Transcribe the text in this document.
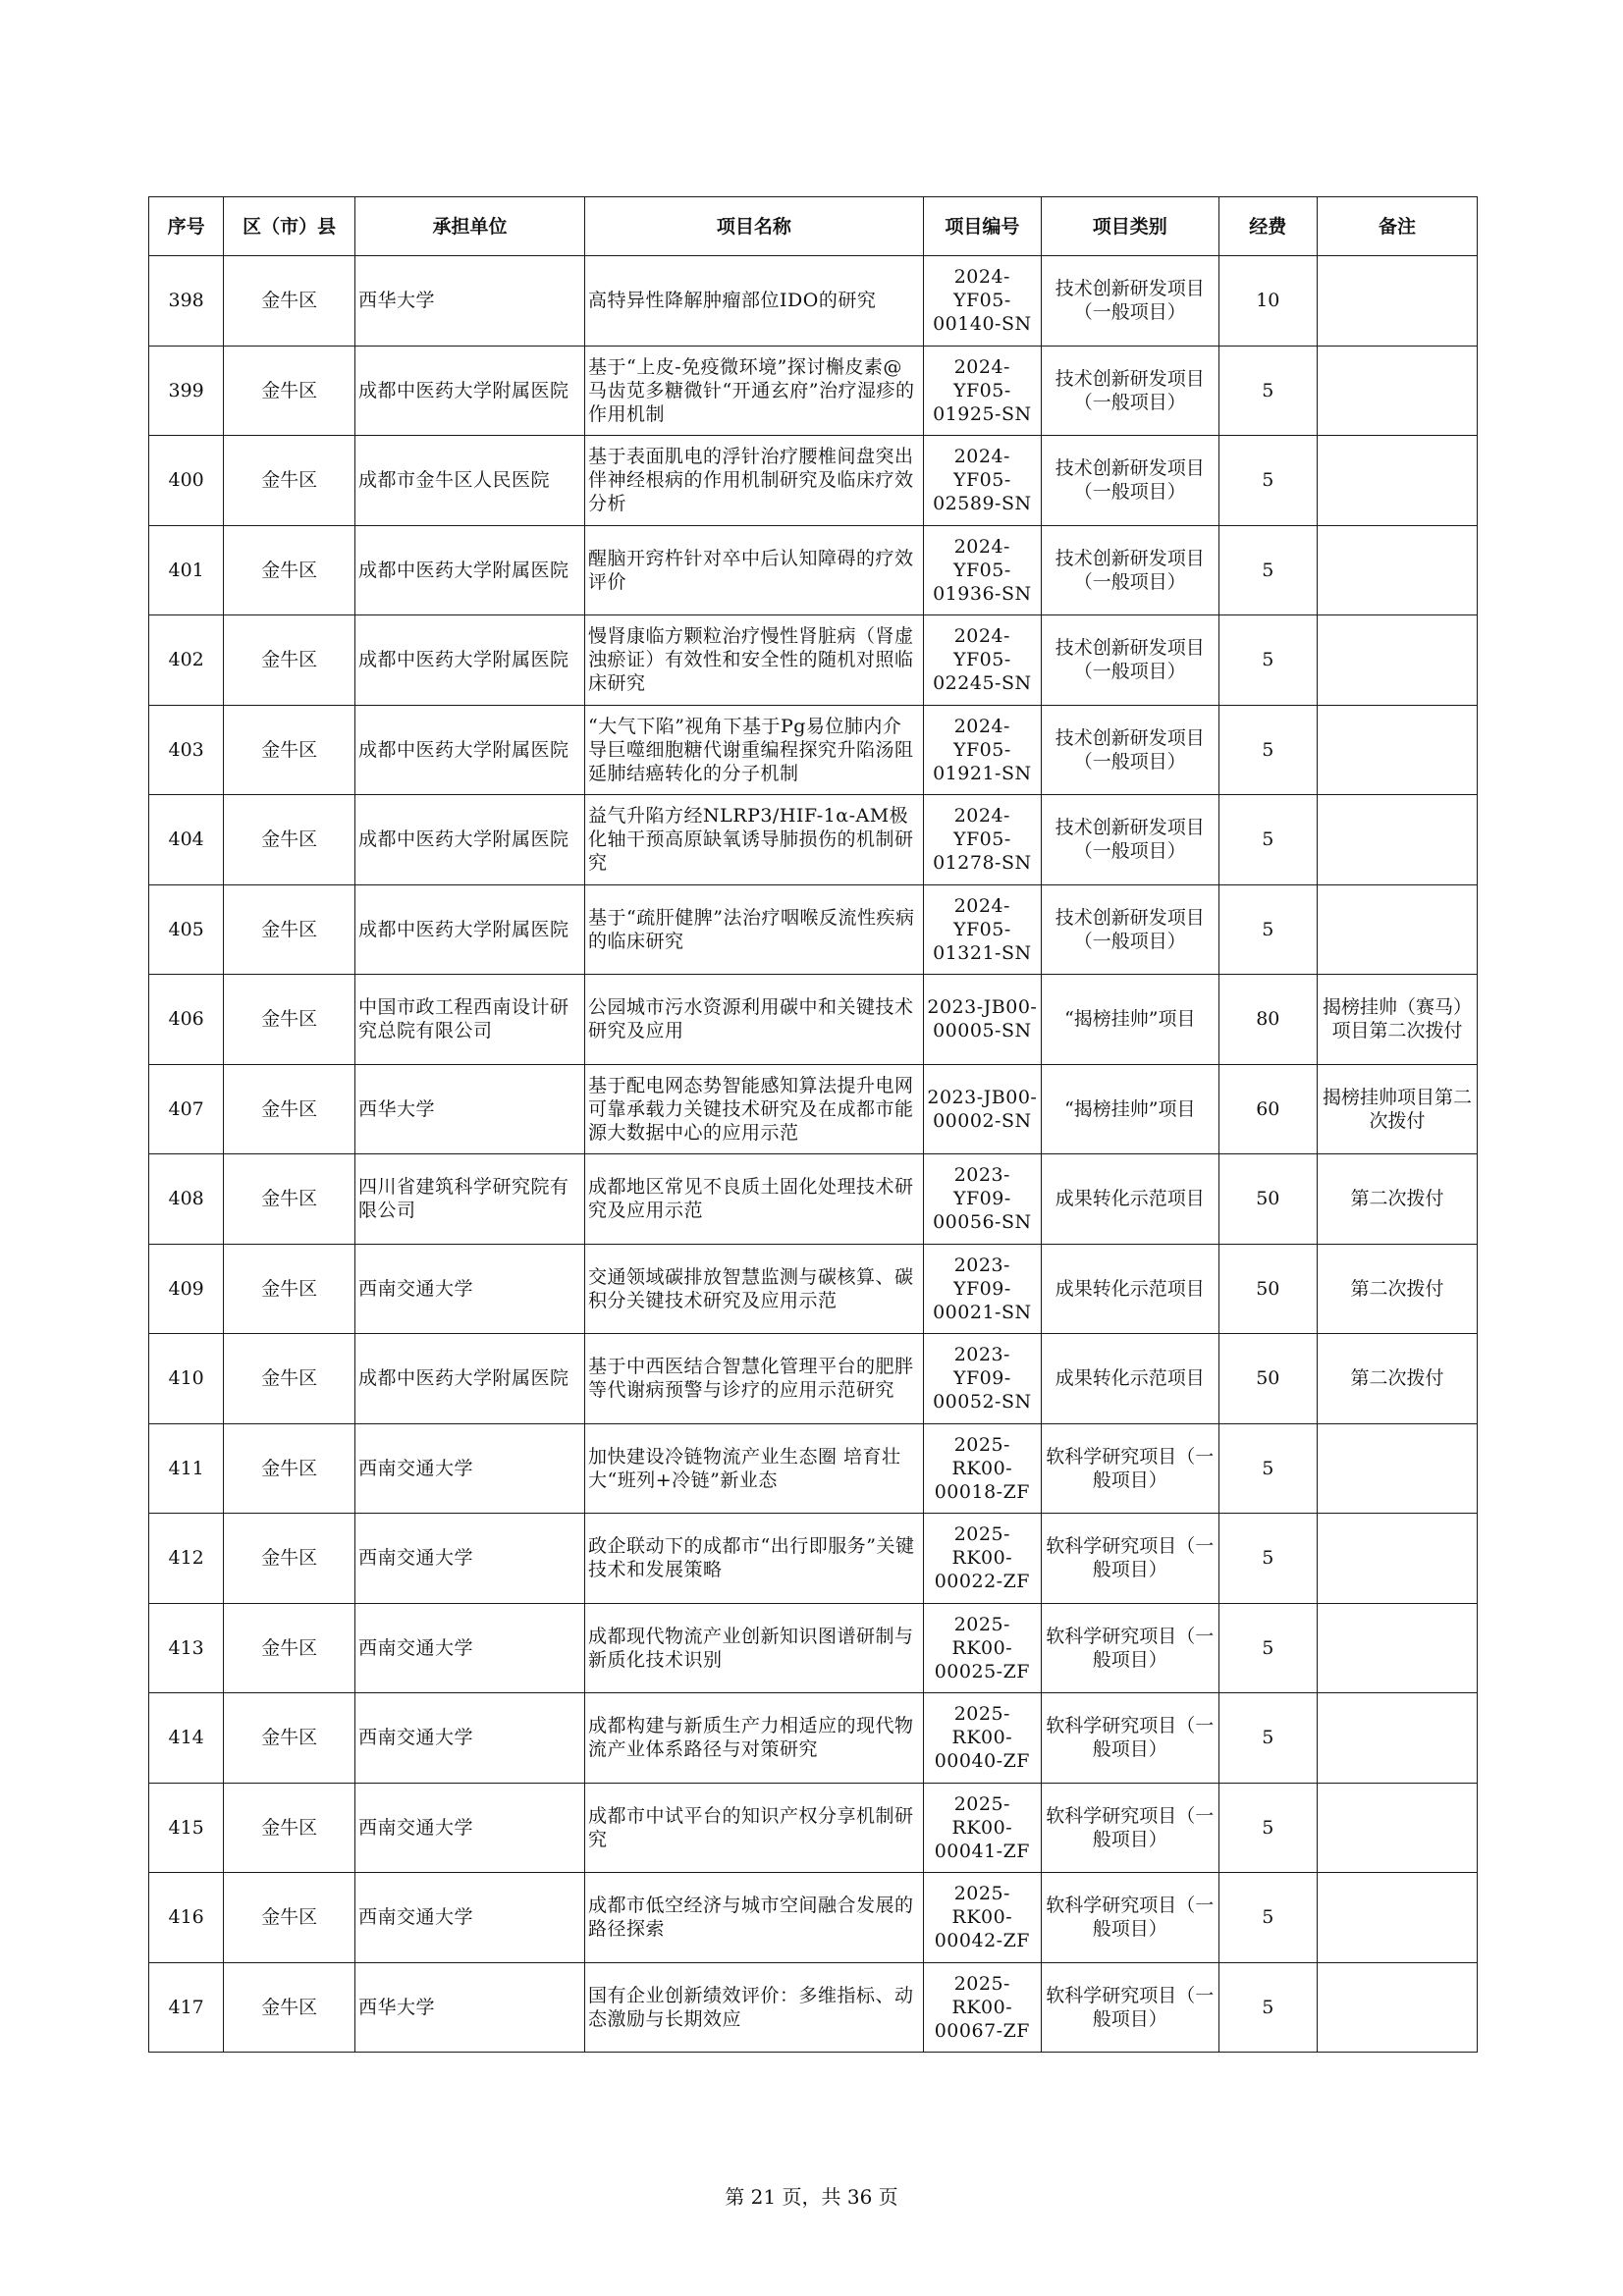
序号	区（市）县	承担单位	项目名称	项目编号	项目类别	经费	备注
398	金牛区	西华大学	高特异性降解肿瘤部位IDO的研究	2024-YF05-00140-SN	技术创新研发项目（一般项目）	10	
399	金牛区	成都中医药大学附属医院	基于“上皮-免疫微环境”探讨槲皮素@马齿苋多糖微针“开通玄府”治疗湿疹的作用机制	2024-YF05-01925-SN	技术创新研发项目（一般项目）	5	
400	金牛区	成都市金牛区人民医院	基于表面肌电的浮针治疗腰椎间盘突出伴神经根病的作用机制研究及临床疗效分析	2024-YF05-02589-SN	技术创新研发项目（一般项目）	5	
401	金牛区	成都中医药大学附属医院	醒脑开窍杵针对卒中后认知障碍的疗效评价	2024-YF05-01936-SN	技术创新研发项目（一般项目）	5	
402	金牛区	成都中医药大学附属医院	慢肾康临方颗粒治疗慢性肾脏病（肾虚浊瘀证）有效性和安全性的随机对照临床研究	2024-YF05-02245-SN	技术创新研发项目（一般项目）	5	
403	金牛区	成都中医药大学附属医院	“大气下陷”视角下基于Pg易位肺内介导巨噬细胞糖代谢重编程探究升陷汤阻延肺结癌转化的分子机制	2024-YF05-01921-SN	技术创新研发项目（一般项目）	5	
404	金牛区	成都中医药大学附属医院	益气升陷方经NLRP3/HIF-1α-AM极化轴干预高原缺氧诱导肺损伤的机制研究	2024-YF05-01278-SN	技术创新研发项目（一般项目）	5	
405	金牛区	成都中医药大学附属医院	基于“疏肝健脾”法治疗咽喉反流性疾病的临床研究	2024-YF05-01321-SN	技术创新研发项目（一般项目）	5	
406	金牛区	中国市政工程西南设计研究总院有限公司	公园城市污水资源利用碳中和关键技术研究及应用	2023-JB00-00005-SN	“揭榜挂帅”项目	80	揭榜挂帅（赛马）项目第二次拨付
407	金牛区	西华大学	基于配电网态势智能感知算法提升电网可靠承载力关键技术研究及在成都市能源大数据中心的应用示范	2023-JB00-00002-SN	“揭榜挂帅”项目	60	揭榜挂帅项目第二次拨付
408	金牛区	四川省建筑科学研究院有限公司	成都地区常见不良质土固化处理技术研究及应用示范	2023-YF09-00056-SN	成果转化示范项目	50	第二次拨付
409	金牛区	西南交通大学	交通领域碳排放智慧监测与碳核算、碳积分关键技术研究及应用示范	2023-YF09-00021-SN	成果转化示范项目	50	第二次拨付
410	金牛区	成都中医药大学附属医院	基于中西医结合智慧化管理平台的肥胖等代谢病预警与诊疗的应用示范研究	2023-YF09-00052-SN	成果转化示范项目	50	第二次拨付
411	金牛区	西南交通大学	加快建设冷链物流产业生态圈 培育壮大“班列+冷链”新业态	2025-RK00-00018-ZF	软科学研究项目（一般项目）	5	
412	金牛区	西南交通大学	政企联动下的成都市“出行即服务”关键技术和发展策略	2025-RK00-00022-ZF	软科学研究项目（一般项目）	5	
413	金牛区	西南交通大学	成都现代物流产业创新知识图谱研制与新质化技术识别	2025-RK00-00025-ZF	软科学研究项目（一般项目）	5	
414	金牛区	西南交通大学	成都构建与新质生产力相适应的现代物流产业体系路径与对策研究	2025-RK00-00040-ZF	软科学研究项目（一般项目）	5	
415	金牛区	西南交通大学	成都市中试平台的知识产权分享机制研究	2025-RK00-00041-ZF	软科学研究项目（一般项目）	5	
416	金牛区	西南交通大学	成都市低空经济与城市空间融合发展的路径探索	2025-RK00-00042-ZF	软科学研究项目（一般项目）	5	
417	金牛区	西华大学	国有企业创新绩效评价：多维指标、动态激励与长期效应	2025-RK00-00067-ZF	软科学研究项目（一般项目）	5	
第 21 页，共 36 页
